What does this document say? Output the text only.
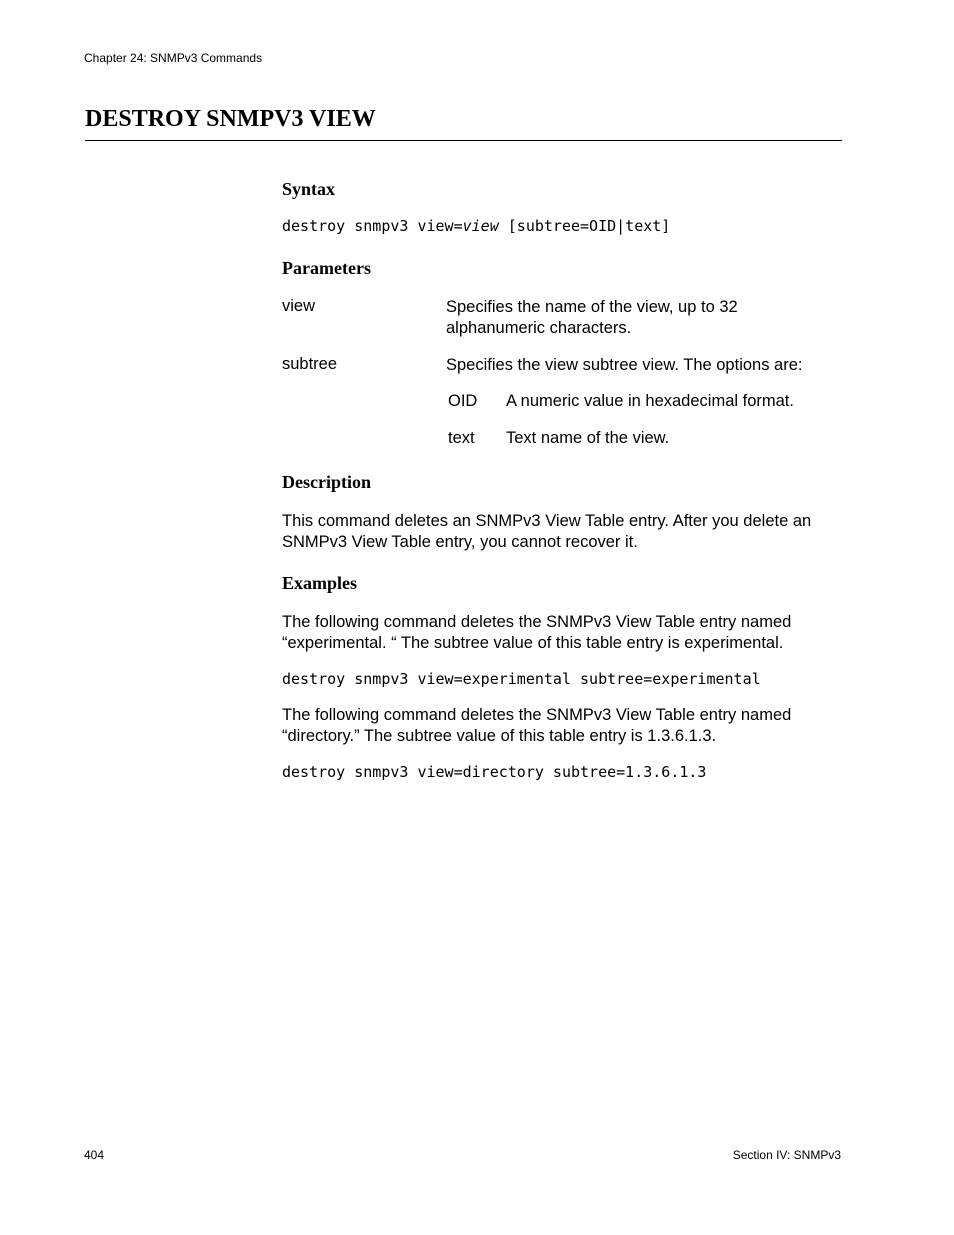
Chapter 24: SNMPv3 Commands
DESTROY SNMPV3 VIEW
Syntax
destroy snmpv3 view=view [subtree=OID|text]
Parameters
view	Specifies the name of the view, up to 32 alphanumeric characters.
subtree	Specifies the view subtree view. The options are:
OID A numeric value in hexadecimal format.
text Text name of the view.
Description
This command deletes an SNMPv3 View Table entry. After you delete an SNMPv3 View Table entry, you cannot recover it.
Examples
The following command deletes the SNMPv3 View Table entry named “experimental. “ The subtree value of this table entry is experimental.
destroy snmpv3 view=experimental subtree=experimental
The following command deletes the SNMPv3 View Table entry named “directory.” The subtree value of this table entry is 1.3.6.1.3.
destroy snmpv3 view=directory subtree=1.3.6.1.3
404	Section IV: SNMPv3
